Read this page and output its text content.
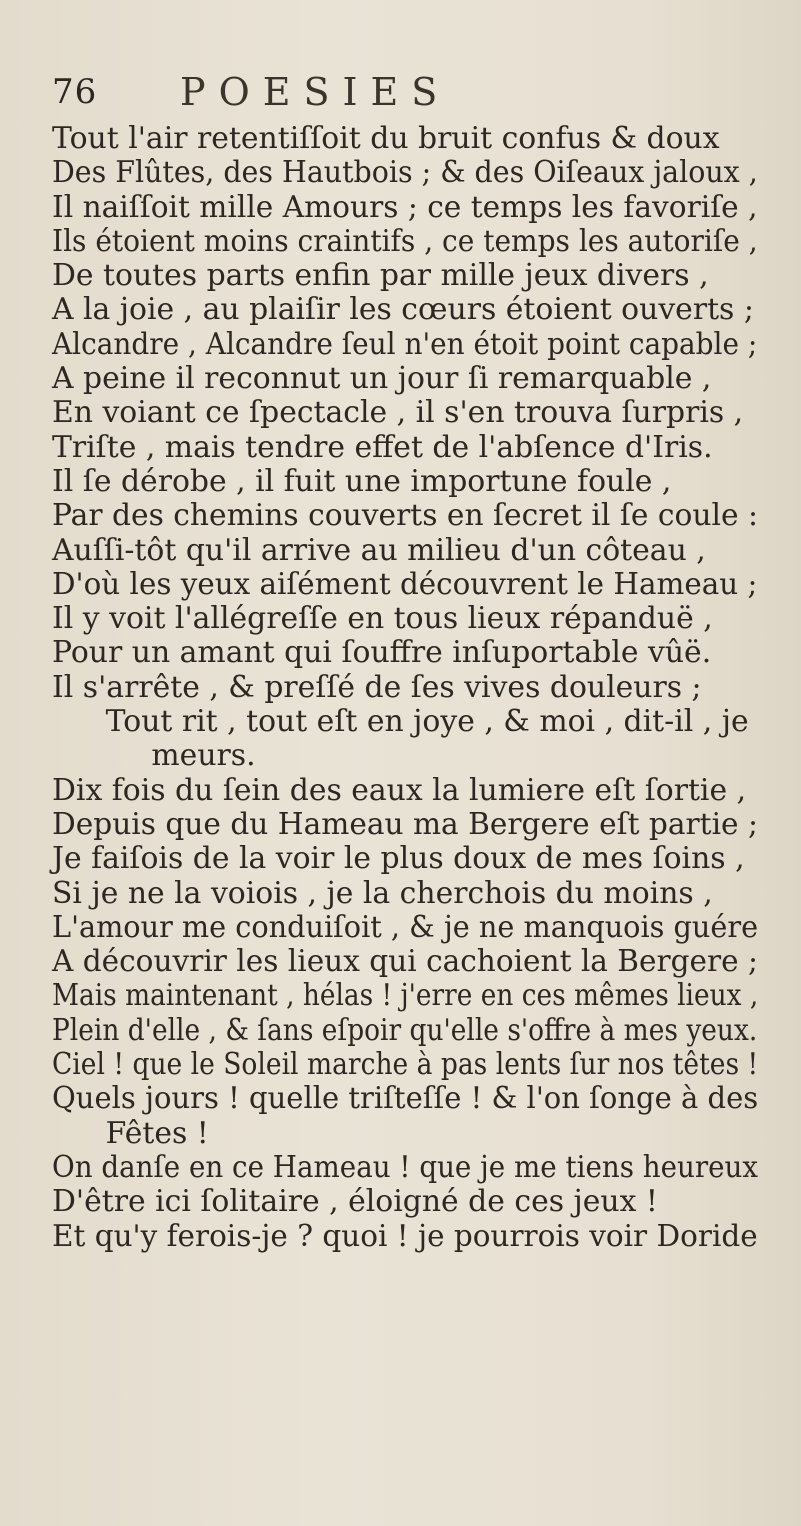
76 POESIES
Tout l'air retentiſſoit du bruit confus & doux
Des Flûtes, des Hautbois ; & des Oiſeaux jaloux ,
Il naiſſoit mille Amours ; ce temps les favoriſe ,
Ils étoient moins craintifs , ce temps les autoriſe ,
De toutes parts enfin par mille jeux divers ,
A la joie , au plaiſir les cœurs étoient ouverts ;
Alcandre , Alcandre ſeul n'en étoit point capable ;
A peine il reconnut un jour ſi remarquable ,
En voiant ce ſpectacle , il s'en trouva ſurpris ,
Triſte , mais tendre effet de l'abſence d'Iris.
Il ſe dérobe , il fuit une importune foule ,
Par des chemins couverts en ſecret il ſe coule :
Auſſi-tôt qu'il arrive au milieu d'un côteau ,
D'où les yeux aiſément découvrent le Hameau ;
Il y voit l'allégreſſe en tous lieux répanduë ,
Pour un amant qui ſouffre inſuportable vûë.
Il s'arrête , & preſſé de ſes vives douleurs ;
Tout rit , tout eſt en joye , & moi , dit-il , je
meurs.
Dix fois du ſein des eaux la lumiere eſt ſortie ,
Depuis que du Hameau ma Bergere eſt partie ;
Je faiſois de la voir le plus doux de mes ſoins ,
Si je ne la voiois , je la cherchois du moins ,
L'amour me conduiſoit , & je ne manquois guére
A découvrir les lieux qui cachoient la Bergere ;
Mais maintenant , hélas ! j'erre en ces mêmes lieux ,
Plein d'elle , & ſans eſpoir qu'elle s'offre à mes yeux.
Ciel ! que le Soleil marche à pas lents ſur nos têtes !
Quels jours ! quelle triſteſſe ! & l'on ſonge à des
Fêtes !
On danſe en ce Hameau ! que je me tiens heureux
D'être ici ſolitaire , éloigné de ces jeux !
Et qu'y ferois-je ? quoi ! je pourrois voir Doride
